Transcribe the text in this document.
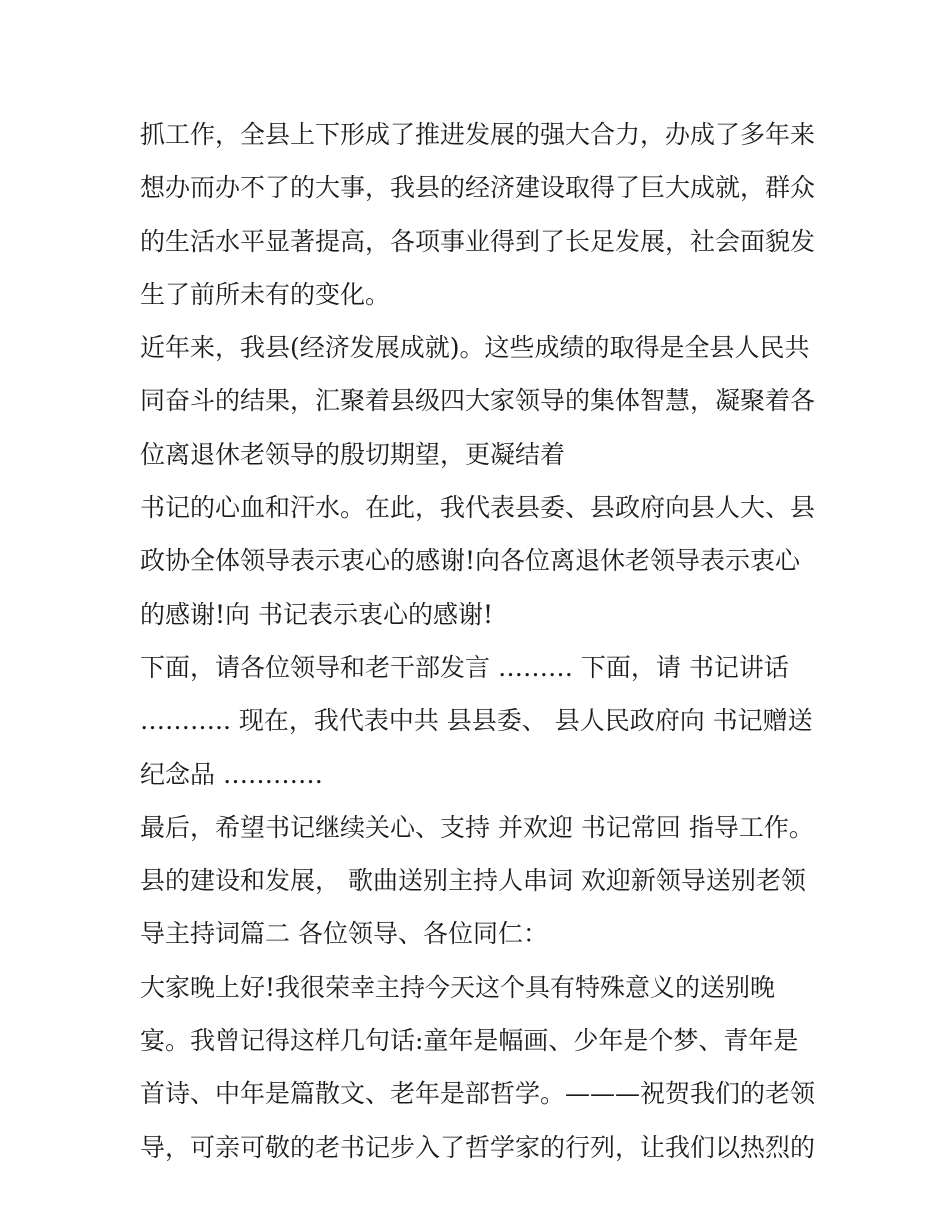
抓工作，全县上下形成了推进发展的强大合力，办成了多年来
想办而办不了的大事，我县的经济建设取得了巨大成就，群众
的生活水平显著提高，各项事业得到了长足发展，社会面貌发
生了前所未有的变化。
近年来，我县(经济发展成就)。这些成绩的取得是全县人民共
同奋斗的结果，汇聚着县级四大家领导的集体智慧，凝聚着各
位离退休老领导的殷切期望，更凝结着
书记的心血和汗水。在此，我代表县委、县政府向县人大、县
政协全体领导表示衷心的感谢!向各位离退休老领导表示衷心
的感谢!向 书记表示衷心的感谢!
下面，请各位领导和老干部发言 ……… 下面，请 书记讲话
……….. 现在，我代表中共 县县委、 县人民政府向 书记赠送
纪念品 …………
最后，希望书记继续关心、支持 并欢迎 书记常回 指导工作。
县的建设和发展， 歌曲送别主持人串词 欢迎新领导送别老领
导主持词篇二 各位领导、各位同仁：
大家晚上好!我很荣幸主持今天这个具有特殊意义的送别晚
宴。我曾记得这样几句话:童年是幅画、少年是个梦、青年是
首诗、中年是篇散文、老年是部哲学。———祝贺我们的老领
导，可亲可敬的老书记步入了哲学家的行列，让我们以热烈的
